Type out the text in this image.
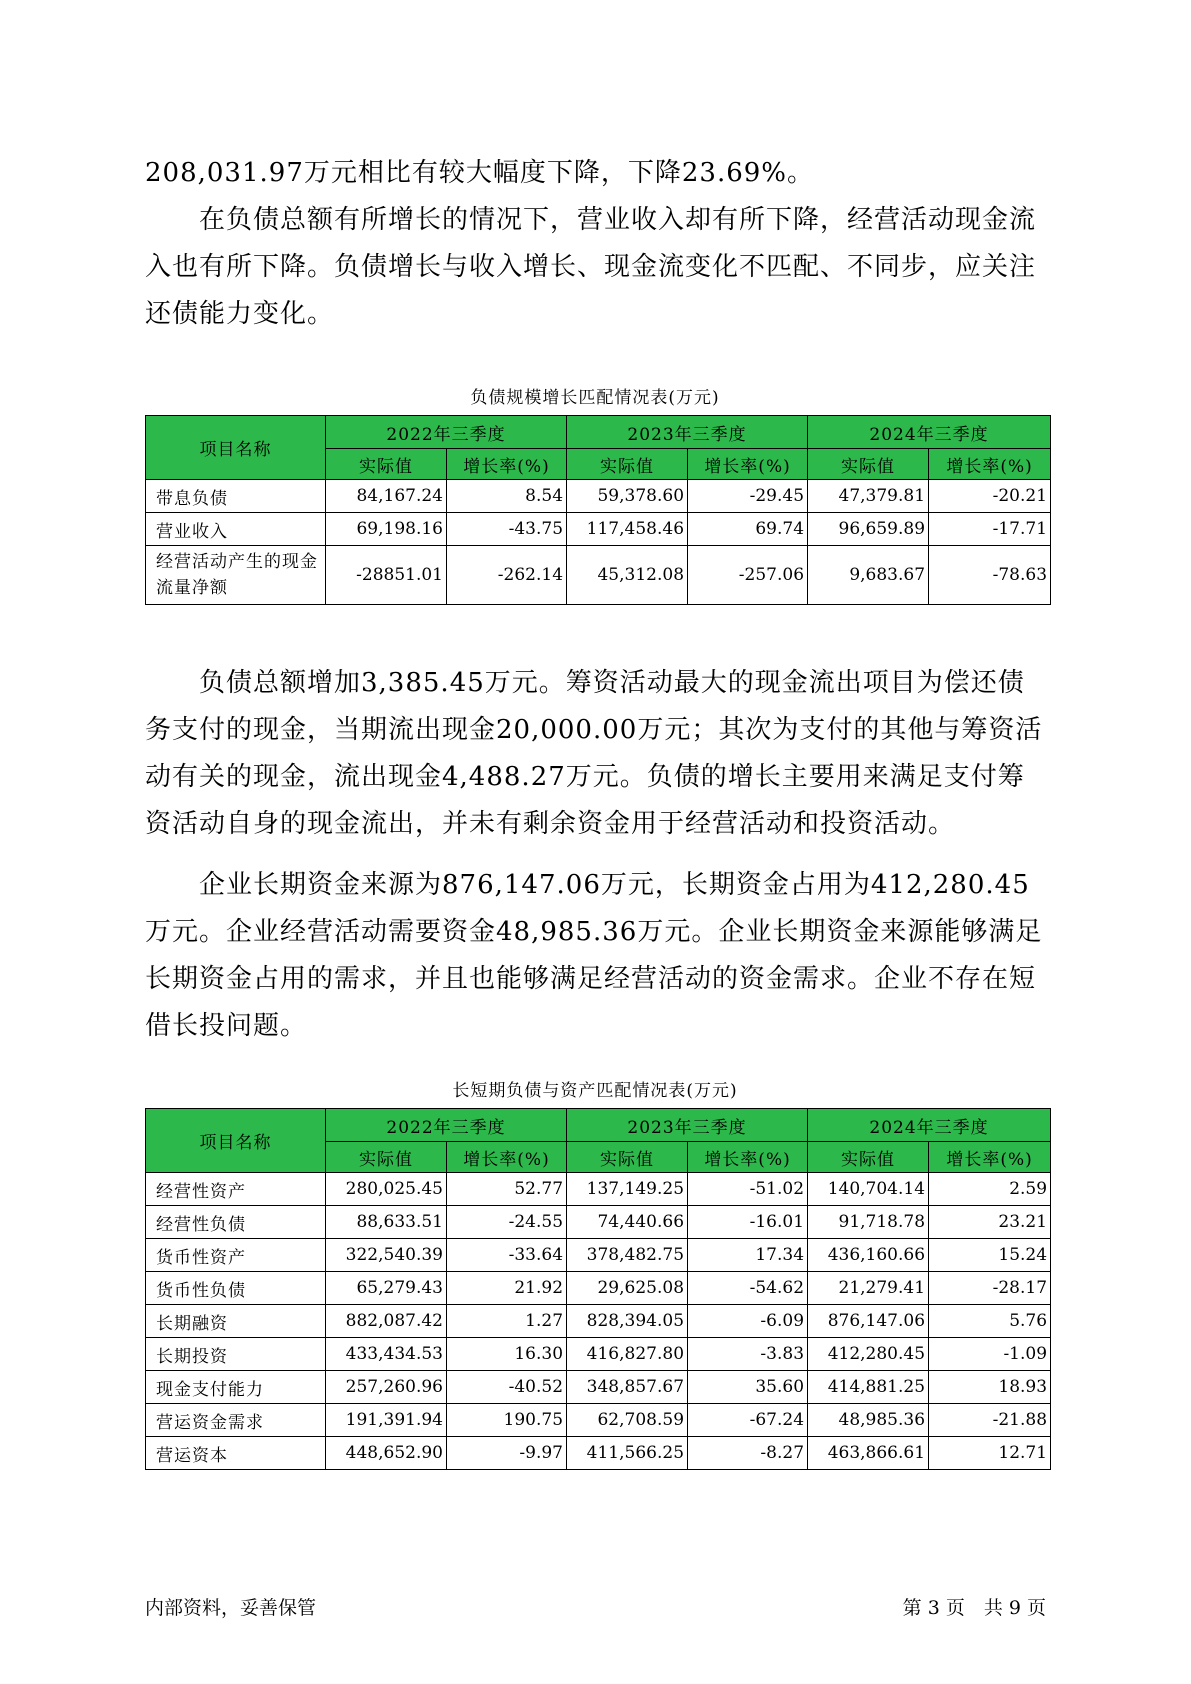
208,031.97万元相比有较大幅度下降，下降23.69%。

在负债总额有所增长的情况下，营业收入却有所下降，经营活动现金流入也有所下降。负债增长与收入增长、现金流变化不匹配、不同步，应关注还债能力变化。

负债规模增长匹配情况表(万元)
项目名称	2022年三季度		2023年三季度		2024年三季度	
	实际值	增长率(%)	实际值	增长率(%)	实际值	增长率(%)
带息负债	84,167.24	8.54	59,378.60	-29.45	47,379.81	-20.21
营业收入	69,198.16	-43.75	117,458.46	69.74	96,659.89	-17.71
经营活动产生的现金流量净额	-28851.01	-262.14	45,312.08	-257.06	9,683.67	-78.63

负债总额增加3,385.45万元。筹资活动最大的现金流出项目为偿还债务支付的现金，当期流出现金20,000.00万元；其次为支付的其他与筹资活动有关的现金，流出现金4,488.27万元。负债的增长主要用来满足支付筹资活动自身的现金流出，并未有剩余资金用于经营活动和投资活动。

企业长期资金来源为876,147.06万元，长期资金占用为412,280.45万元。企业经营活动需要资金48,985.36万元。企业长期资金来源能够满足长期资金占用的需求，并且也能够满足经营活动的资金需求。企业不存在短借长投问题。

长短期负债与资产匹配情况表(万元)
项目名称	2022年三季度		2023年三季度		2024年三季度	
	实际值	增长率(%)	实际值	增长率(%)	实际值	增长率(%)
经营性资产	280,025.45	52.77	137,149.25	-51.02	140,704.14	2.59
经营性负债	88,633.51	-24.55	74,440.66	-16.01	91,718.78	23.21
货币性资产	322,540.39	-33.64	378,482.75	17.34	436,160.66	15.24
货币性负债	65,279.43	21.92	29,625.08	-54.62	21,279.41	-28.17
长期融资	882,087.42	1.27	828,394.05	-6.09	876,147.06	5.76
长期投资	433,434.53	16.30	416,827.80	-3.83	412,280.45	-1.09
现金支付能力	257,260.96	-40.52	348,857.67	35.60	414,881.25	18.93
营运资金需求	191,391.94	190.75	62,708.59	-67.24	48,985.36	-21.88
营运资本	448,652.90	-9.97	411,566.25	-8.27	463,866.61	12.71
内部资料，妥善保管	第 3 页　共 9 页
